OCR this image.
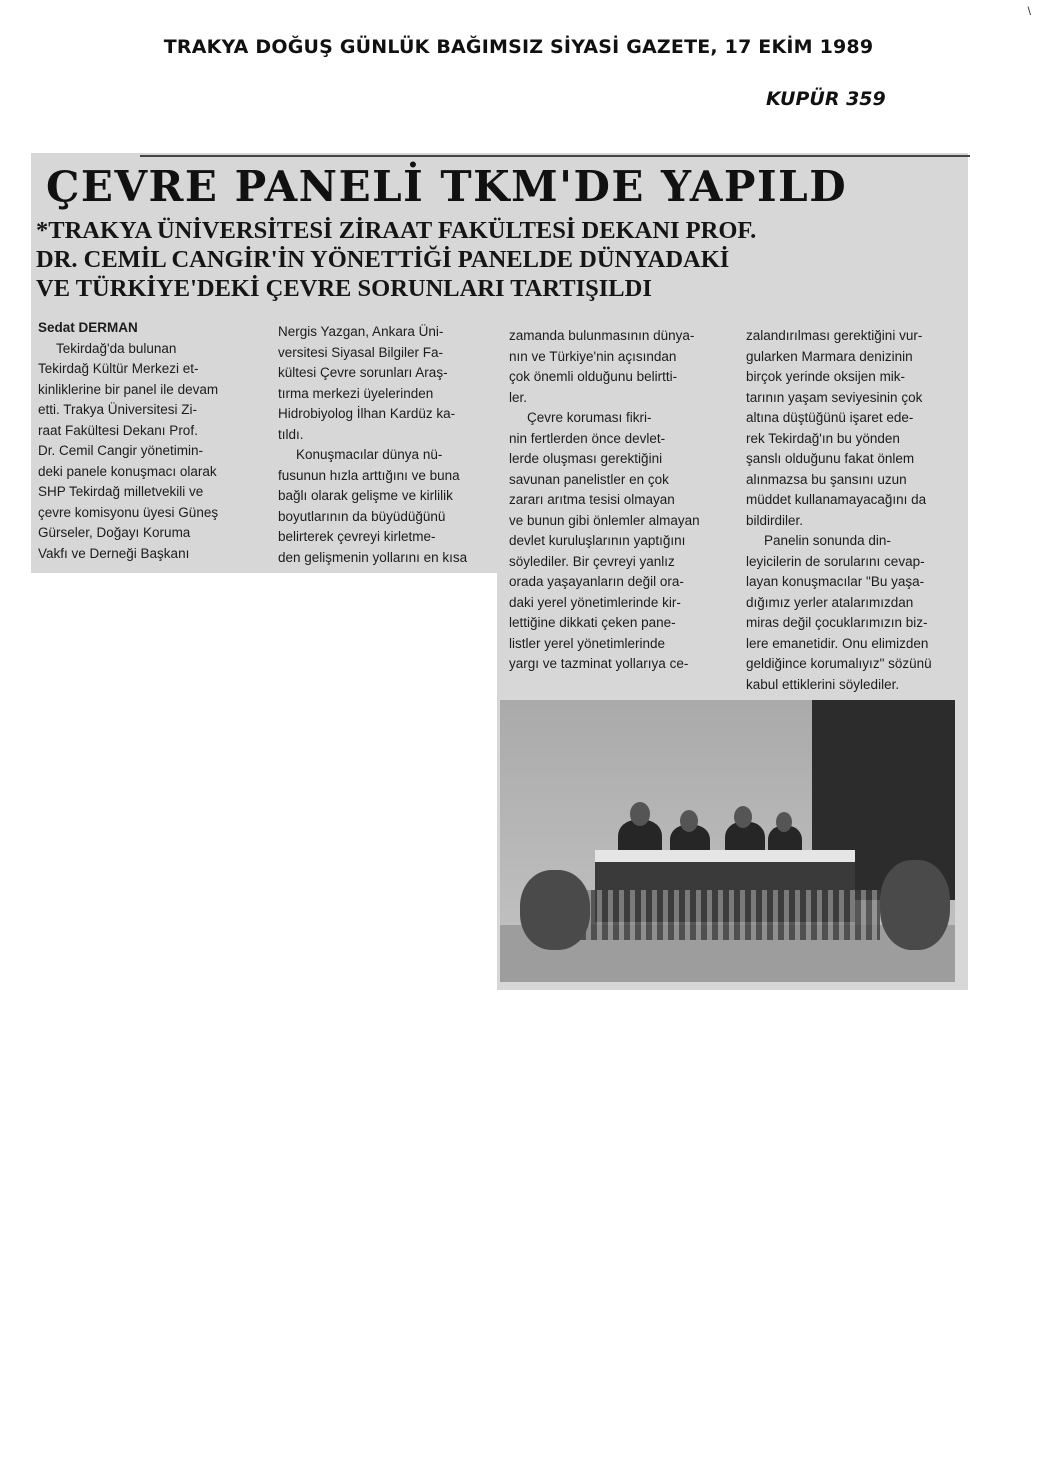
\
TRAKYA DOĞUŞ GÜNLÜK BAĞIMSIZ SİYASİ GAZETE, 17 EKİM 1989
KUPÜR 359
ÇEVRE PANELİ TKM'DE YAPILD
*TRAKYA ÜNİVERSİTESİ ZİRAAT FAKÜLTESİ DEKANI PROF.
DR. CEMİL CANGİR'İN YÖNETTİĞİ PANELDE DÜNYADAKİ
VE TÜRKİYE'DEKİ ÇEVRE SORUNLARI TARTIŞILDI
Sedat DERMAN
Tekirdağ'da bulunan
Tekirdağ Kültür Merkezi et-
kinliklerine bir panel ile devam
etti. Trakya Üniversitesi Zi-
raat Fakültesi Dekanı Prof.
Dr. Cemil Cangir yönetimin-
deki panele konuşmacı olarak
SHP Tekirdağ milletvekili ve
çevre komisyonu üyesi Güneş
Gürseler, Doğayı Koruma
Vakfı ve Derneği Başkanı
Nergis Yazgan, Ankara Üni-
versitesi Siyasal Bilgiler Fa-
kültesi Çevre sorunları Araş-
tırma merkezi üyelerinden
Hidrobiyolog İlhan Kardüz ka-
tıldı.
Konuşmacılar dünya nü-
fusunun hızla arttığını ve buna
bağlı olarak gelişme ve kirlilik
boyutlarının da büyüdüğünü
belirterek çevreyi kirletme-
den gelişmenin yollarını en kısa
zamanda bulunmasının dünya-
nın ve Türkiye'nin açısından
çok önemli olduğunu belirtti-
ler.
Çevre koruması fikri-
nin fertlerden önce devlet-
lerde oluşması gerektiğini
savunan panelistler en çok
zararı arıtma tesisi olmayan
ve bunun gibi önlemler almayan
devlet kuruluşlarının yaptığını
söylediler. Bir çevreyi yanlız
orada yaşayanların değil ora-
daki yerel yönetimlerinde kir-
lettiğine dikkati çeken pane-
listler yerel yönetimlerinde
yargı ve tazminat yollarıya ce-
zalandırılması gerektiğini vur-
gularken Marmara denizinin
birçok yerinde oksijen mik-
tarının yaşam seviyesinin çok
altına düştüğünü işaret ede-
rek Tekirdağ'ın bu yönden
şanslı olduğunu fakat önlem
alınmazsa bu şansını uzun
müddet kullanamayacağını da
bildirdiler.
Panelin sonunda din-
leyicilerin de sorularını cevap-
layan konuşmacılar "Bu yaşa-
dığımız yerler atalarımızdan
miras değil çocuklarımızın biz-
lere emanetidir. Onu elimizden
geldiğince korumalıyız" sözünü
kabul ettiklerini söylediler.
